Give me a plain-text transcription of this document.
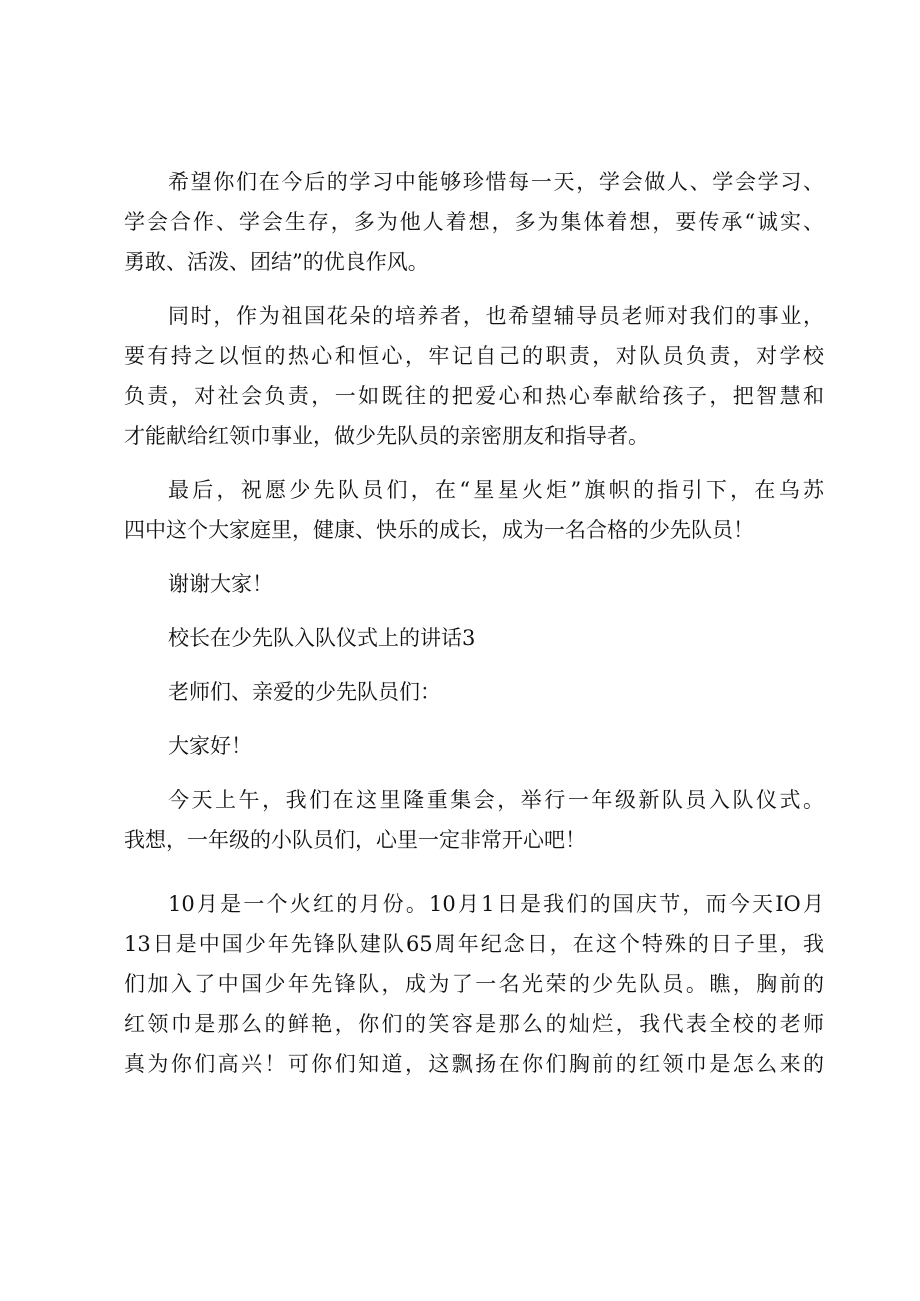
希望你们在今后的学习中能够珍惜每一天，学会做人、学会学习、
学会合作、学会生存，多为他人着想，多为集体着想，要传承“诚实、
勇敢、活泼、团结”的优良作风。
同时，作为祖国花朵的培养者，也希望辅导员老师对我们的事业，
要有持之以恒的热心和恒心，牢记自己的职责，对队员负责，对学校
负责，对社会负责，一如既往的把爱心和热心奉献给孩子，把智慧和
才能献给红领巾事业，做少先队员的亲密朋友和指导者。
最后，祝愿少先队员们，在“星星火炬”旗帜的指引下，在乌苏
四中这个大家庭里，健康、快乐的成长，成为一名合格的少先队员！
谢谢大家！
校长在少先队入队仪式上的讲话3
老师们、亲爱的少先队员们：
大家好！
今天上午，我们在这里隆重集会，举行一年级新队员入队仪式。
我想，一年级的小队员们，心里一定非常开心吧！
10月是一个火红的月份。10月1日是我们的国庆节，而今天IO月
13日是中国少年先锋队建队65周年纪念日，在这个特殊的日子里，我
们加入了中国少年先锋队，成为了一名光荣的少先队员。瞧，胸前的
红领巾是那么的鲜艳，你们的笑容是那么的灿烂，我代表全校的老师
真为你们高兴！可你们知道，这飘扬在你们胸前的红领巾是怎么来的
